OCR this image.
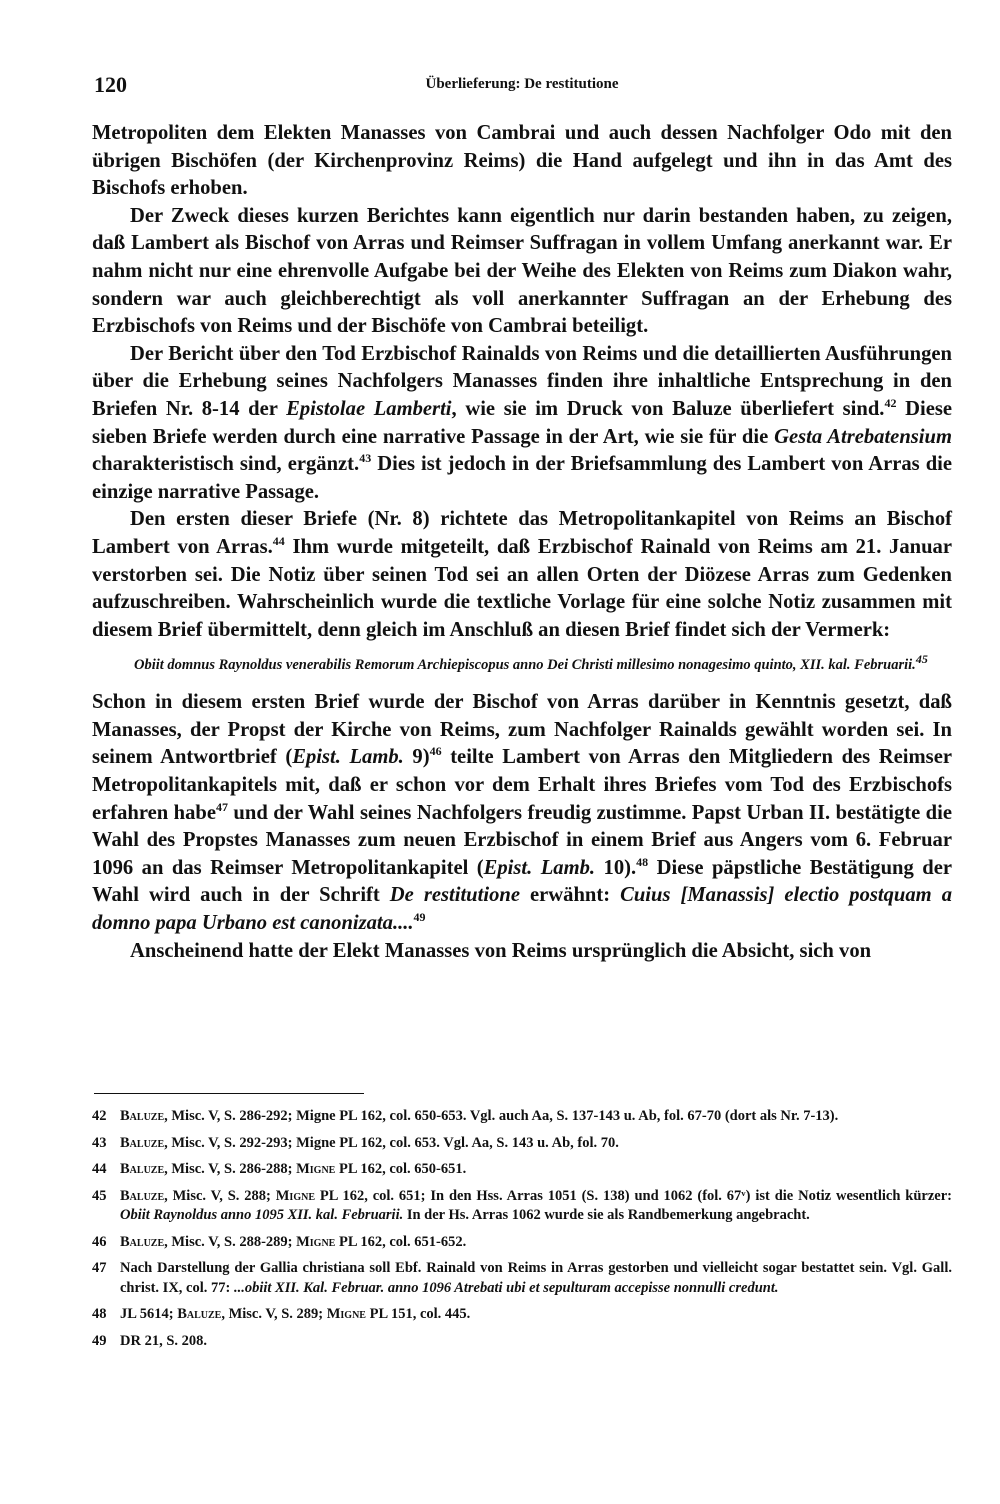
120	Überlieferung: De restitutione

Metropoliten dem Elekten Manasses von Cambrai und auch dessen Nachfolger Odo mit den übrigen Bischöfen (der Kirchenprovinz Reims) die Hand aufgelegt und ihn in das Amt des Bischofs erhoben.

Der Zweck dieses kurzen Berichtes kann eigentlich nur darin bestanden haben, zu zeigen, daß Lambert als Bischof von Arras und Reimser Suffragan in vollem Umfang anerkannt war. Er nahm nicht nur eine ehrenvolle Aufgabe bei der Weihe des Elekten von Reims zum Diakon wahr, sondern war auch gleichberechtigt als voll anerkannter Suffragan an der Erhebung des Erzbischofs von Reims und der Bischöfe von Cambrai beteiligt.

Der Bericht über den Tod Erzbischof Rainalds von Reims und die detaillierten Ausführungen über die Erhebung seines Nachfolgers Manasses finden ihre inhaltliche Entsprechung in den Briefen Nr. 8-14 der Epistolae Lamberti, wie sie im Druck von Baluze überliefert sind.$^{42}$ Diese sieben Briefe werden durch eine narrative Passage in der Art, wie sie für die Gesta Atrebatensium charakteristisch sind, ergänzt.$^{43}$ Dies ist jedoch in der Briefsammlung des Lambert von Arras die einzige narrative Passage.

Den ersten dieser Briefe (Nr. 8) richtete das Metropolitankapitel von Reims an Bischof Lambert von Arras.$^{44}$ Ihm wurde mitgeteilt, daß Erzbischof Rainald von Reims am 21. Januar verstorben sei. Die Notiz über seinen Tod sei an allen Orten der Diözese Arras zum Gedenken aufzuschreiben. Wahrscheinlich wurde die textliche Vorlage für eine solche Notiz zusammen mit diesem Brief übermittelt, denn gleich im Anschluß an diesen Brief findet sich der Vermerk:

Obiit domnus Raynoldus venerabilis Remorum Archiepiscopus anno Dei Christi millesimo nonagesimo quinto, XII. kal. Februarii.$^{45}$

Schon in diesem ersten Brief wurde der Bischof von Arras darüber in Kenntnis gesetzt, daß Manasses, der Propst der Kirche von Reims, zum Nachfolger Rainalds gewählt worden sei. In seinem Antwortbrief (Epist. Lamb. 9)$^{46}$ teilte Lambert von Arras den Mitgliedern des Reimser Metropolitankapitels mit, daß er schon vor dem Erhalt ihres Briefes vom Tod des Erzbischofs erfahren habe$^{47}$ und der Wahl seines Nachfolgers freudig zustimme. Papst Urban II. bestätigte die Wahl des Propstes Manasses zum neuen Erzbischof in einem Brief aus Angers vom 6. Februar 1096 an das Reimser Metropolitankapitel (Epist. Lamb. 10).$^{48}$ Diese päpstliche Bestätigung der Wahl wird auch in der Schrift De restitutione erwähnt: Cuius [Manassis] electio postquam a domno papa Urbano est canonizata....$^{49}$

Anscheinend hatte der Elekt Manasses von Reims ursprünglich die Absicht, sich von

42 Baluze, Misc. V, S. 286-292; Migne PL 162, col. 650-653. Vgl. auch Aa, S. 137-143 u. Ab, fol. 67-70 (dort als Nr. 7-13).
43 Baluze, Misc. V, S. 292-293; Migne PL 162, col. 653. Vgl. Aa, S. 143 u. Ab, fol. 70.
44 Baluze, Misc. V, S. 286-288; Migne PL 162, col. 650-651.
45 Baluze, Misc. V, S. 288; Migne PL 162, col. 651; In den Hss. Arras 1051 (S. 138) und 1062 (fol. 67ᵛ) ist die Notiz wesentlich kürzer: Obiit Raynoldus anno 1095 XII. kal. Februarii. In der Hs. Arras 1062 wurde sie als Randbemerkung angebracht.
46 Baluze, Misc. V, S. 288-289; Migne PL 162, col. 651-652.
47 Nach Darstellung der Gallia christiana soll Ebf. Rainald von Reims in Arras gestorben und vielleicht sogar bestattet sein. Vgl. Gall. christ. IX, col. 77: ...obiit XII. Kal. Februar. anno 1096 Atrebati ubi et sepulturam accepisse nonnulli credunt.
48 JL 5614; Baluze, Misc. V, S. 289; Migne PL 151, col. 445.
49 DR 21, S. 208.
